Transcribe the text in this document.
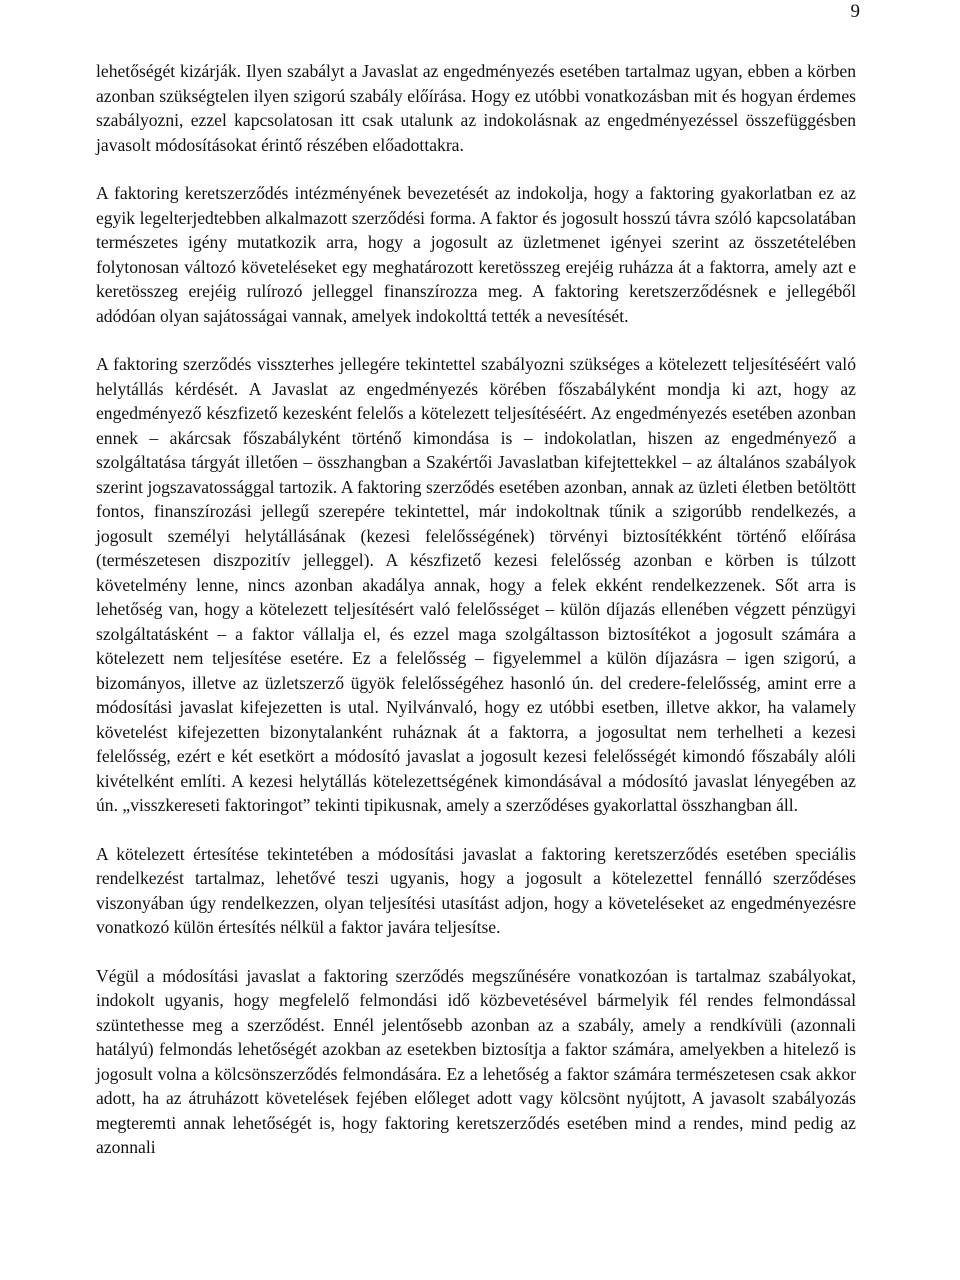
9

lehetőségét kizárják. Ilyen szabályt a Javaslat az engedményezés esetében tartalmaz ugyan, ebben a körben azonban szükségtelen ilyen szigorú szabály előírása. Hogy ez utóbbi vonatkozásban mit és hogyan érdemes szabályozni, ezzel kapcsolatosan itt csak utalunk az indokolásnak az engedményezéssel összefüggésben javasolt módosításokat érintő részében előadottakra.

A faktoring keretszerződés intézményének bevezetését az indokolja, hogy a faktoring gyakorlatban ez az egyik legelterjedtebben alkalmazott szerződési forma. A faktor és jogosult hosszú távra szóló kapcsolatában természetes igény mutatkozik arra, hogy a jogosult az üzletmenet igényei szerint az összetételében folytonosan változó követeléseket egy meghatározott keretösszeg erejéig ruházza át a faktorra, amely azt e keretösszeg erejéig rulírozó jelleggel finanszírozza meg. A faktoring keretszerződésnek e jellegéből adódóan olyan sajátosságai vannak, amelyek indokolttá tették a nevesítését.

A faktoring szerződés visszterhes jellegére tekintettel szabályozni szükséges a kötelezett teljesítéséért való helytállás kérdését. A Javaslat az engedményezés körében főszabályként mondja ki azt, hogy az engedményező készfizető kezesként felelős a kötelezett teljesítéséért. Az engedményezés esetében azonban ennek – akárcsak főszabályként történő kimondása is – indokolatlan, hiszen az engedményező a szolgáltatása tárgyát illetően – összhangban a Szakértői Javaslatban kifejtettekkel – az általános szabályok szerint jogszavatossággal tartozik. A faktoring szerződés esetében azonban, annak az üzleti életben betöltött fontos, finanszírozási jellegű szerepére tekintettel, már indokoltnak tűnik a szigorúbb rendelkezés, a jogosult személyi helytállásának (kezesi felelősségének) törvényi biztosítékként történő előírása (természetesen diszpozitív jelleggel). A készfizető kezesi felelősség azonban e körben is túlzott követelmény lenne, nincs azonban akadálya annak, hogy a felek ekként rendelkezzenek. Sőt arra is lehetőség van, hogy a kötelezett teljesítésért való felelősséget – külön díjazás ellenében végzett pénzügyi szolgáltatásként – a faktor vállalja el, és ezzel maga szolgáltasson biztosítékot a jogosult számára a kötelezett nem teljesítése esetére. Ez a felelősség – figyelemmel a külön díjazásra – igen szigorú, a bizományos, illetve az üzletszerző ügyök felelősségéhez hasonló ún. del credere-felelősség, amint erre a módosítási javaslat kifejezetten is utal. Nyilvánvaló, hogy ez utóbbi esetben, illetve akkor, ha valamely követelést kifejezetten bizonytalanként ruháznak át a faktorra, a jogosultat nem terhelheti a kezesi felelősség, ezért e két esetkört a módosító javaslat a jogosult kezesi felelősségét kimondó főszabály alóli kivételként említi. A kezesi helytállás kötelezettségének kimondásával a módosító javaslat lényegében az ún. „visszkereseti faktoringot” tekinti tipikusnak, amely a szerződéses gyakorlattal összhangban áll.

A kötelezett értesítése tekintetében a módosítási javaslat a faktoring keretszerződés esetében speciális rendelkezést tartalmaz, lehetővé teszi ugyanis, hogy a jogosult a kötelezettel fennálló szerződéses viszonyában úgy rendelkezzen, olyan teljesítési utasítást adjon, hogy a követeléseket az engedményezésre vonatkozó külön értesítés nélkül a faktor javára teljesítse.

Végül a módosítási javaslat a faktoring szerződés megszűnésére vonatkozóan is tartalmaz szabályokat, indokolt ugyanis, hogy megfelelő felmondási idő közbevetésével bármelyik fél rendes felmondással szüntethesse meg a szerződést. Ennél jelentősebb azonban az a szabály, amely a rendkívüli (azonnali hatályú) felmondás lehetőségét azokban az esetekben biztosítja a faktor számára, amelyekben a hitelező is jogosult volna a kölcsönszerződés felmondására. Ez a lehetőség a faktor számára természetesen csak akkor adott, ha az átruházott követelések fejében előleget adott vagy kölcsönt nyújtott, A javasolt szabályozás megteremti annak lehetőségét is, hogy faktoring keretszerződés esetében mind a rendes, mind pedig az azonnali
